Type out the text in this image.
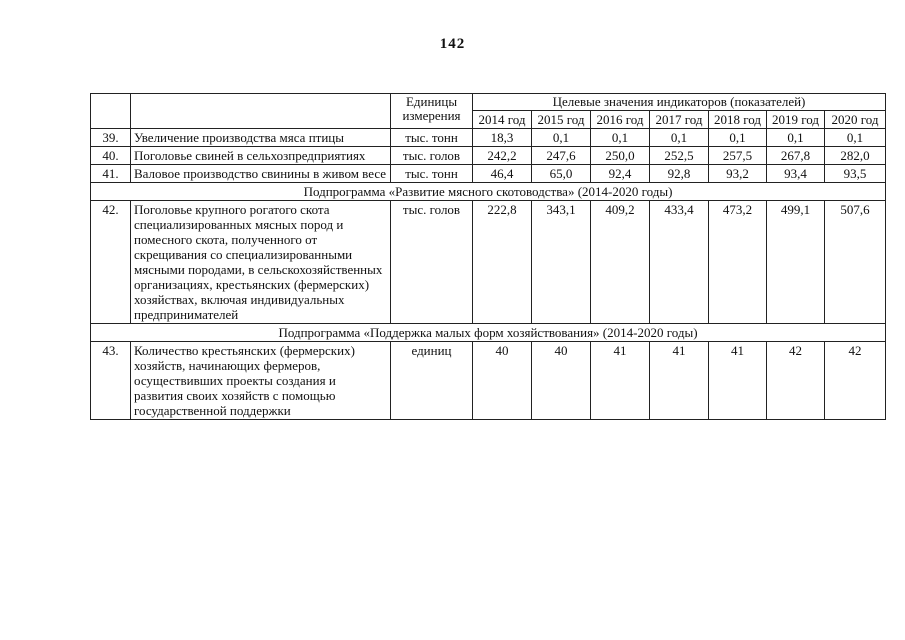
142
		Единицы измерения	Целевые значения индикаторов (показателей)						
			2014 год	2015 год	2016 год	2017 год	2018 год	2019 год	2020 год
39.	Увеличение производства мяса птицы	тыс. тонн	18,3	0,1	0,1	0,1	0,1	0,1	0,1
40.	Поголовье свиней в сельхозпредприятиях	тыс. голов	242,2	247,6	250,0	252,5	257,5	267,8	282,0
41.	Валовое производство свинины в живом весе	тыс. тонн	46,4	65,0	92,4	92,8	93,2	93,4	93,5
Подпрограмма «Развитие мясного скотоводства» (2014-2020 годы)									
42.	Поголовье крупного рогатого скота специализированных мясных пород и помесного скота, полученного от скрещивания со специализированными мясными породами, в сельскохозяйственных организациях, крестьянских (фермерских) хозяйствах, включая индивидуальных предпринимателей	тыс. голов	222,8	343,1	409,2	433,4	473,2	499,1	507,6
Подпрограмма «Поддержка малых форм хозяйствования» (2014-2020 годы)									
43.	Количество крестьянских (фермерских) хозяйств, начинающих фермеров, осуществивших проекты создания и развития своих хозяйств с помощью государственной поддержки	единиц	40	40	41	41	41	42	42
